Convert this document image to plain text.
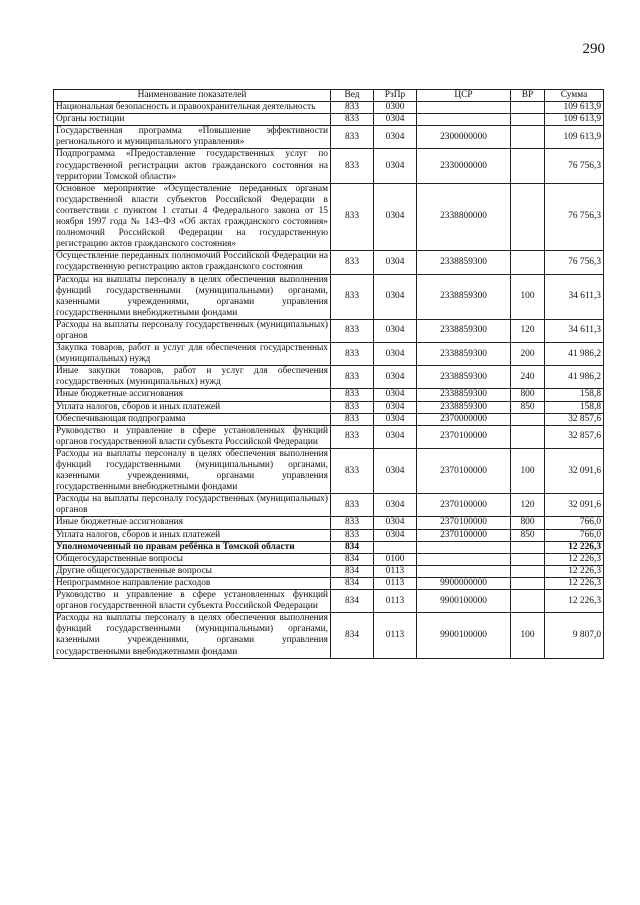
290
Наименование показателей	Вед	РзПр	ЦСР	ВР	Сумма
Национальная безопасность и правоохранительная деятельность	833	0300			109 613,9
Органы юстиции	833	0304			109 613,9
Государственная программа «Повышение эффективности регионального и муниципального управления»	833	0304	2300000000		109 613,9
Подпрограмма «Предоставление государственных услуг по государственной регистрации актов гражданского состояния на территории Томской области»	833	0304	2330000000		76 756,3
Основное мероприятие «Осуществление переданных органам государственной власти субъектов Российской Федерации в соответствии с пунктом 1 статьи 4 Федерального закона от 15 ноября 1997 года № 143–ФЗ «Об актах гражданского состояния» полномочий Российской Федерации на государственную регистрацию актов гражданского состояния»	833	0304	2338800000		76 756,3
Осуществление переданных полномочий Российской Федерации на государственную регистрацию актов гражданского состояния	833	0304	2338859300		76 756,3
Расходы на выплаты персоналу в целях обеспечения выполнения функций государственными (муниципальными) органами, казенными учреждениями, органами управления государственными внебюджетными фондами	833	0304	2338859300	100	34 611,3
Расходы на выплаты персоналу государственных (муниципальных) органов	833	0304	2338859300	120	34 611,3
Закупка товаров, работ и услуг для обеспечения государственных (муниципальных) нужд	833	0304	2338859300	200	41 986,2
Иные закупки товаров, работ и услуг для обеспечения государственных (муниципальных) нужд	833	0304	2338859300	240	41 986,2
Иные бюджетные ассигнования	833	0304	2338859300	800	158,8
Уплата налогов, сборов и иных платежей	833	0304	2338859300	850	158,8
Обеспечивающая подпрограмма	833	0304	2370000000		32 857,6
Руководство и управление в сфере установленных функций органов государственной власти субъекта Российской Федерации	833	0304	2370100000		32 857,6
Расходы на выплаты персоналу в целях обеспечения выполнения функций государственными (муниципальными) органами, казенными учреждениями, органами управления государственными внебюджетными фондами	833	0304	2370100000	100	32 091,6
Расходы на выплаты персоналу государственных (муниципальных) органов	833	0304	2370100000	120	32 091,6
Иные бюджетные ассигнования	833	0304	2370100000	800	766,0
Уплата налогов, сборов и иных платежей	833	0304	2370100000	850	766,0
Уполномоченный по правам ребёнка в Томской области	834				12 226,3
Общегосударственные вопросы	834	0100			12 226,3
Другие общегосударственные вопросы	834	0113			12 226,3
Непрограммное направление расходов	834	0113	9900000000		12 226,3
Руководство и управление в сфере установленных функций органов государственной власти субъекта Российской Федерации	834	0113	9900100000		12 226,3
Расходы на выплаты персоналу в целях обеспечения выполнения функций государственными (муниципальными) органами, казенными учреждениями, органами управления государственными внебюджетными фондами	834	0113	9900100000	100	9 807,0
